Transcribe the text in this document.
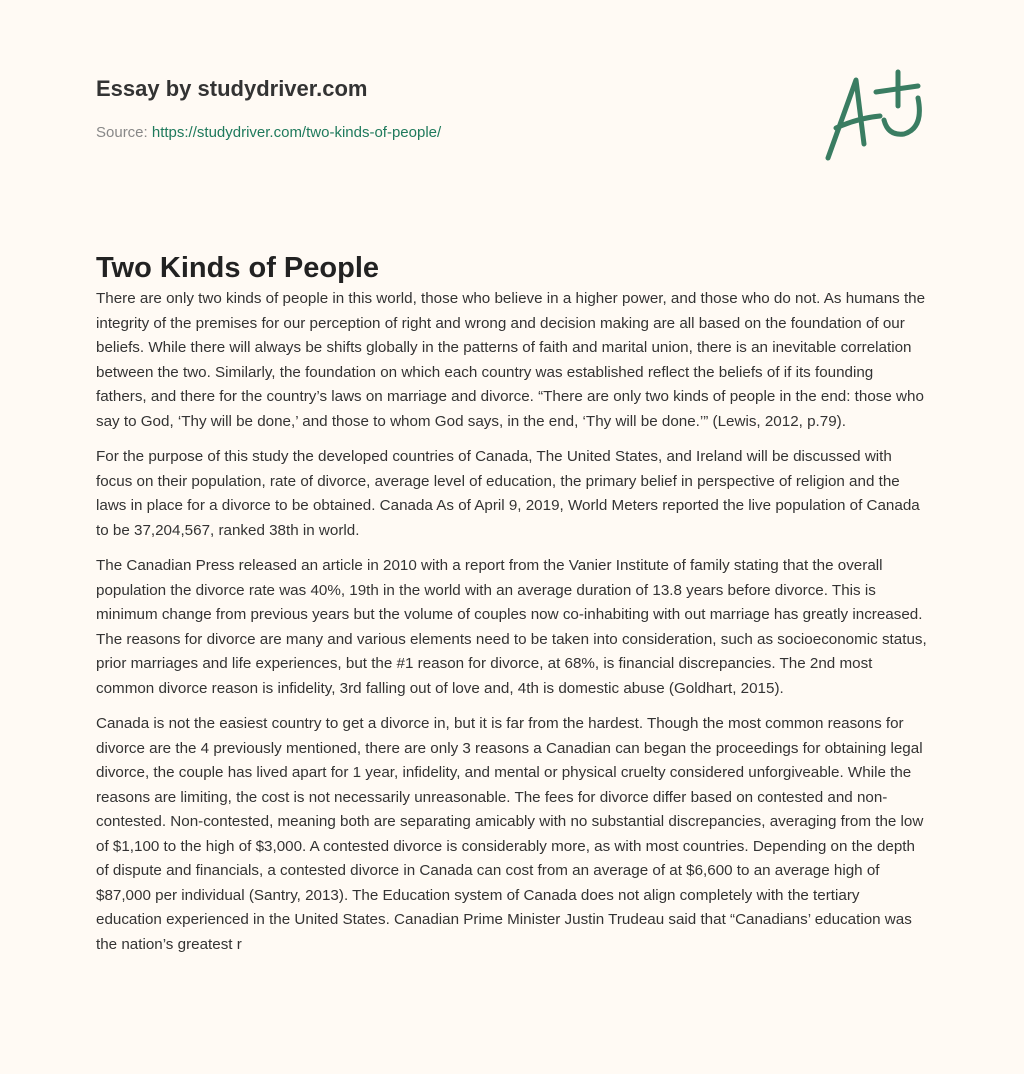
Essay by studydriver.com
Source: https://studydriver.com/two-kinds-of-people/
Two Kinds of People

There are only two kinds of people in this world, those who believe in a higher power, and those who do not. As humans the integrity of the premises for our perception of right and wrong and decision making are all based on the foundation of our beliefs. While there will always be shifts globally in the patterns of faith and marital union, there is an inevitable correlation between the two. Similarly, the foundation on which each country was established reflect the beliefs of if its founding fathers, and there for the country’s laws on marriage and divorce. “There are only two kinds of people in the end: those who say to God, ‘Thy will be done,’ and those to whom God says, in the end, ‘Thy will be done.’” (Lewis, 2012, p.79).

For the purpose of this study the developed countries of Canada, The United States, and Ireland will be discussed with focus on their population, rate of divorce, average level of education, the primary belief in perspective of religion and the laws in place for a divorce to be obtained. Canada As of April 9, 2019, World Meters reported the live population of Canada to be 37,204,567, ranked 38th in world.

The Canadian Press released an article in 2010 with a report from the Vanier Institute of family stating that the overall population the divorce rate was 40%, 19th in the world with an average duration of 13.8 years before divorce. This is minimum change from previous years but the volume of couples now co-inhabiting with out marriage has greatly increased. The reasons for divorce are many and various elements need to be taken into consideration, such as socioeconomic status, prior marriages and life experiences, but the #1 reason for divorce, at 68%, is financial discrepancies. The 2nd most common divorce reason is infidelity, 3rd falling out of love and, 4th is domestic abuse (Goldhart, 2015).

Canada is not the easiest country to get a divorce in, but it is far from the hardest. Though the most common reasons for divorce are the 4 previously mentioned, there are only 3 reasons a Canadian can began the proceedings for obtaining legal divorce, the couple has lived apart for 1 year, infidelity, and mental or physical cruelty considered unforgiveable. While the reasons are limiting, the cost is not necessarily unreasonable. The fees for divorce differ based on contested and non-contested. Non-contested, meaning both are separating amicably with no substantial discrepancies, averaging from the low of $1,100 to the high of $3,000. A contested divorce is considerably more, as with most countries. Depending on the depth of dispute and financials, a contested divorce in Canada can cost from an average of at $6,600 to an average high of $87,000 per individual (Santry, 2013). The Education system of Canada does not align completely with the tertiary education experienced in the United States. Canadian Prime Minister Justin Trudeau said that “Canadians’ education was the nation’s greatest r
